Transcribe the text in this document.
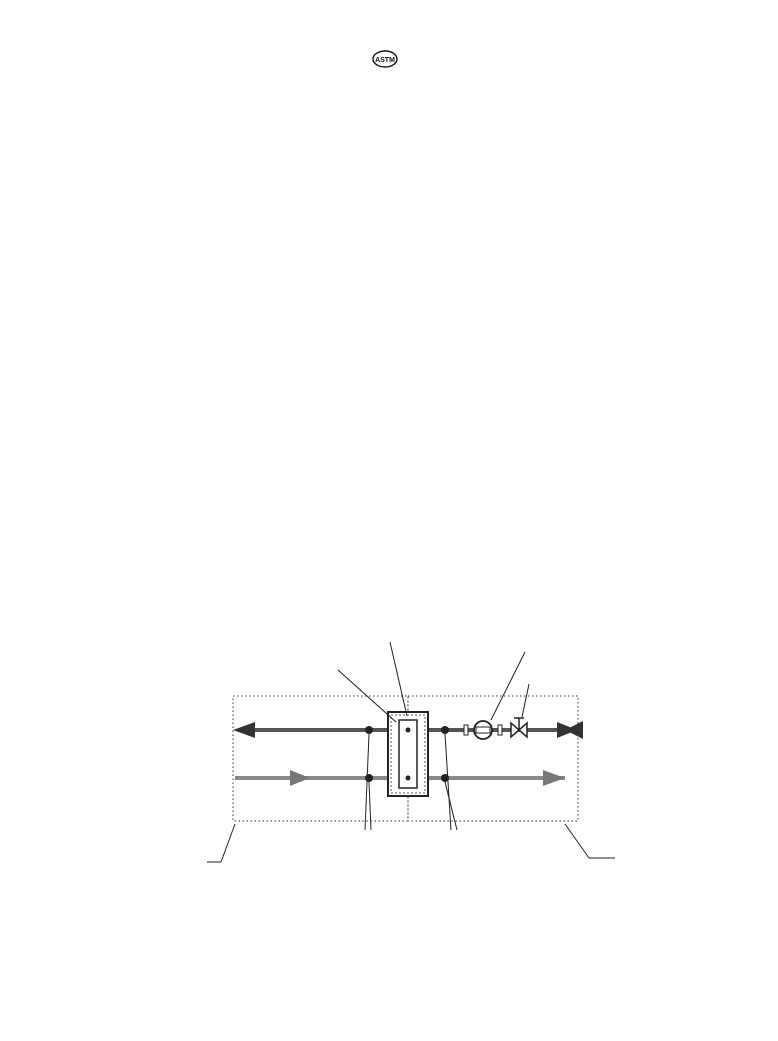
ASTM
